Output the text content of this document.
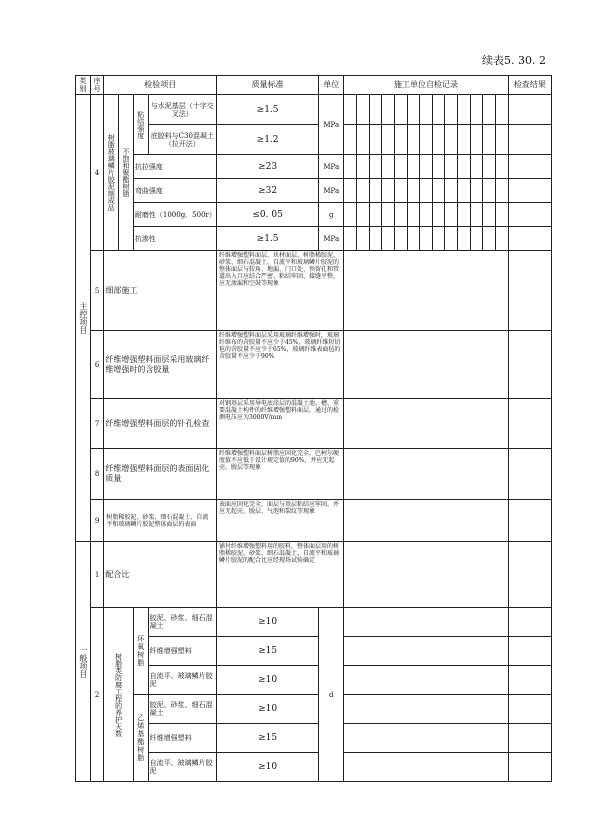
续表5. 30. 2
类别	序号	检验项目				质量标准	单位	施工单位自检记录													检查结果

主控项目	4	树脂玻璃鳞片胶泥制成品	不饱和聚酯树脂	粘结强度	与水泥基层（十字交叉法）	≥1.5	MPa														
					底胶料与C30混凝土（拉开法）	≥1.2															
				抗拉强度		≥23	MPa														
				弯曲强度		≥32	MPa														
				耐磨性（1000g．500r）		≤0. 05	g														
				抗渗性		≥1.5	MPa														
	5	细部施工				纤维增强塑料面层、块材面层、树脂稀胶泥、砂浆、细石混凝土、自流平和玻璃鳞片胶泥的整体面层与转角、地漏、门口处、预留孔和管道出入口应结合严密、粘结牢固、接缝平整，应无渗漏和空鼓等现象															
	6	纤维增强塑料面层采用玻璃纤维增强时的含胶量				纤维增强塑料面层采用玻璃纤维增强时，玻璃纤维布的含胶量不应少于45%，玻璃纤维短切毡的含胶量不应少于65%，玻璃纤维表面毡的含胶量不应少于90%															
	7	纤维增强塑料面层的针孔检查				对钢基层采用导电底涂层的混凝土池、槽、重要混凝土构件的纤维增强塑料面层，通过的检测电压应为3000V/mm															
	8	纤维增强塑料面层的表面固化质量				纤维增强塑料面层树脂应固化完全，巴柯尔硬度值不应低于设计规定值的90%，并应无起壳、脱层等现象															
	9	树脂稀胶泥、砂浆、细石混凝土、自流平和玻璃鳞片胶泥整体面层的表面				表面应固化完全，面层与基层粘结应牢固，并应无起壳、脱层、气泡和裂纹等现象															

一般项目	1	配合比				铺衬纤维增强塑料用的胶料，整体面层用的树脂稀胶泥、砂浆、细石混凝土、自流平和玻璃鳞片胶泥的配合比应经现场试验确定															
	2	树脂类防腐工程的养护天数		环氧树脂	胶泥、砂浆、细石混凝土	≥10	d														
					纤维增强塑料	≥15															
					自流平、玻璃鳞片胶泥	≥10															
				乙烯基酯树脂	胶泥、砂浆、细石混凝土	≥10															
					纤维增强塑料	≥15															
					自流平、玻璃鳞片胶泥	≥10															
